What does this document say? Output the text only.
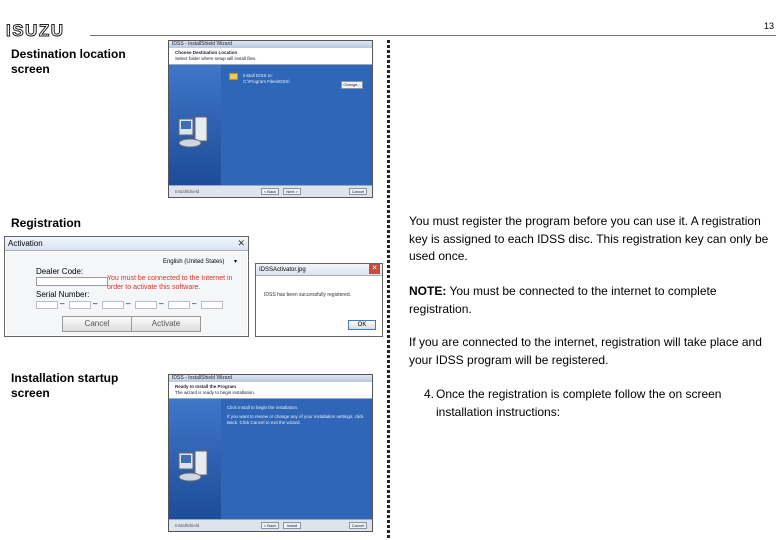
ISUZU	13
Destination location screen
Registration
Installation startup screen
IDSS - InstallShield Wizard
Choose Destination Location
Select folder where setup will install files.
Install IDSS to:
C:\Program Files\IDSS\
Change...
InstallShield	< Back	Next >	Cancel
Activation	✕
English (United States) ▾
Dealer Code:
You must be connected to the Internet in order to activate this software.
Serial Number:
–	–	–	–	–
Cancel	Activate
IDSSActivator.jpg	✕
IDSS has been successfully registered.
OK
IDSS - InstallShield Wizard
Ready to Install the Program
The wizard is ready to begin installation.
Click Install to begin the installation.
If you want to review or change any of your installation settings, click Back. Click Cancel to exit the wizard.
InstallShield	< Back	Install	Cancel
You must register the program before you can use it. A registration key is assigned to each IDSS disc. This registration key can only be used once.
NOTE: You must be connected to the internet to complete registration.
If you are connected to the internet, registration will take place and your IDSS program will be registered.
4. Once the registration is complete follow the on screen installation instructions:
